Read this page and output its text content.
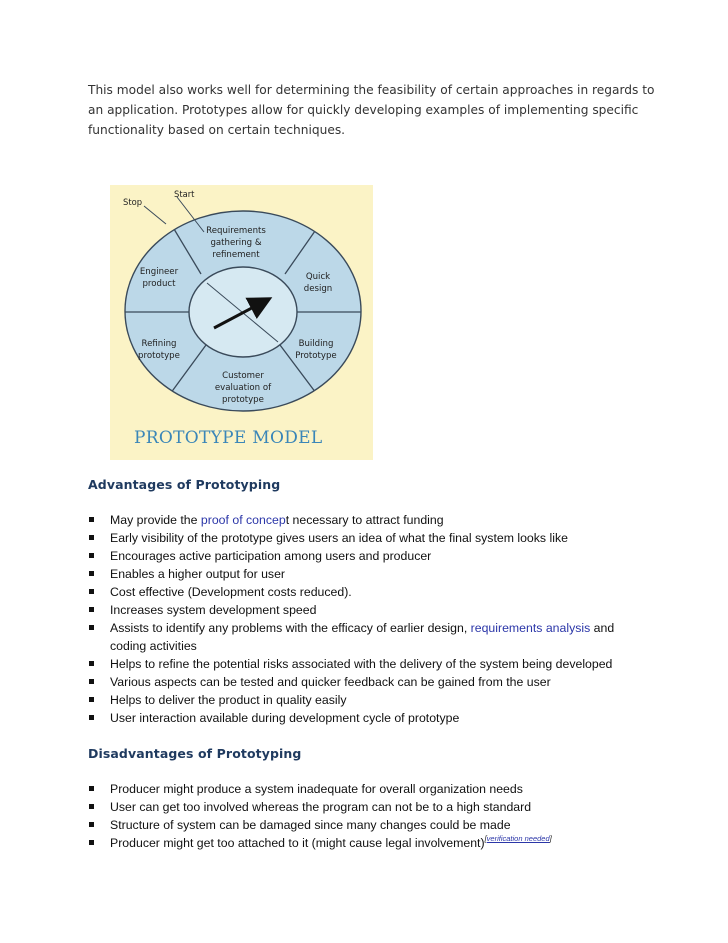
This model also works well for determining the feasibility of certain approaches in regards to an application. Prototypes allow for quickly developing examples of implementing specific functionality based on certain techniques.

Stop
Start
Requirements
gathering &
refinement
Quick
design
Building
Prototype
Customer
evaluation of
prototype
Refining
prototype
Engineer
product
PROTOTYPE MODEL
Advantages of Prototyping
May provide the proof of concept necessary to attract funding
Early visibility of the prototype gives users an idea of what the final system looks like
Encourages active participation among users and producer
Enables a higher output for user
Cost effective (Development costs reduced).
Increases system development speed
Assists to identify any problems with the efficacy of earlier design, requirements analysis and coding activities
Helps to refine the potential risks associated with the delivery of the system being developed
Various aspects can be tested and quicker feedback can be gained from the user
Helps to deliver the product in quality easily
User interaction available during development cycle of prototype
Disadvantages of Prototyping
Producer might produce a system inadequate for overall organization needs
User can get too involved whereas the program can not be to a high standard
Structure of system can be damaged since many changes could be made
Producer might get too attached to it (might cause legal involvement)[verification needed]
